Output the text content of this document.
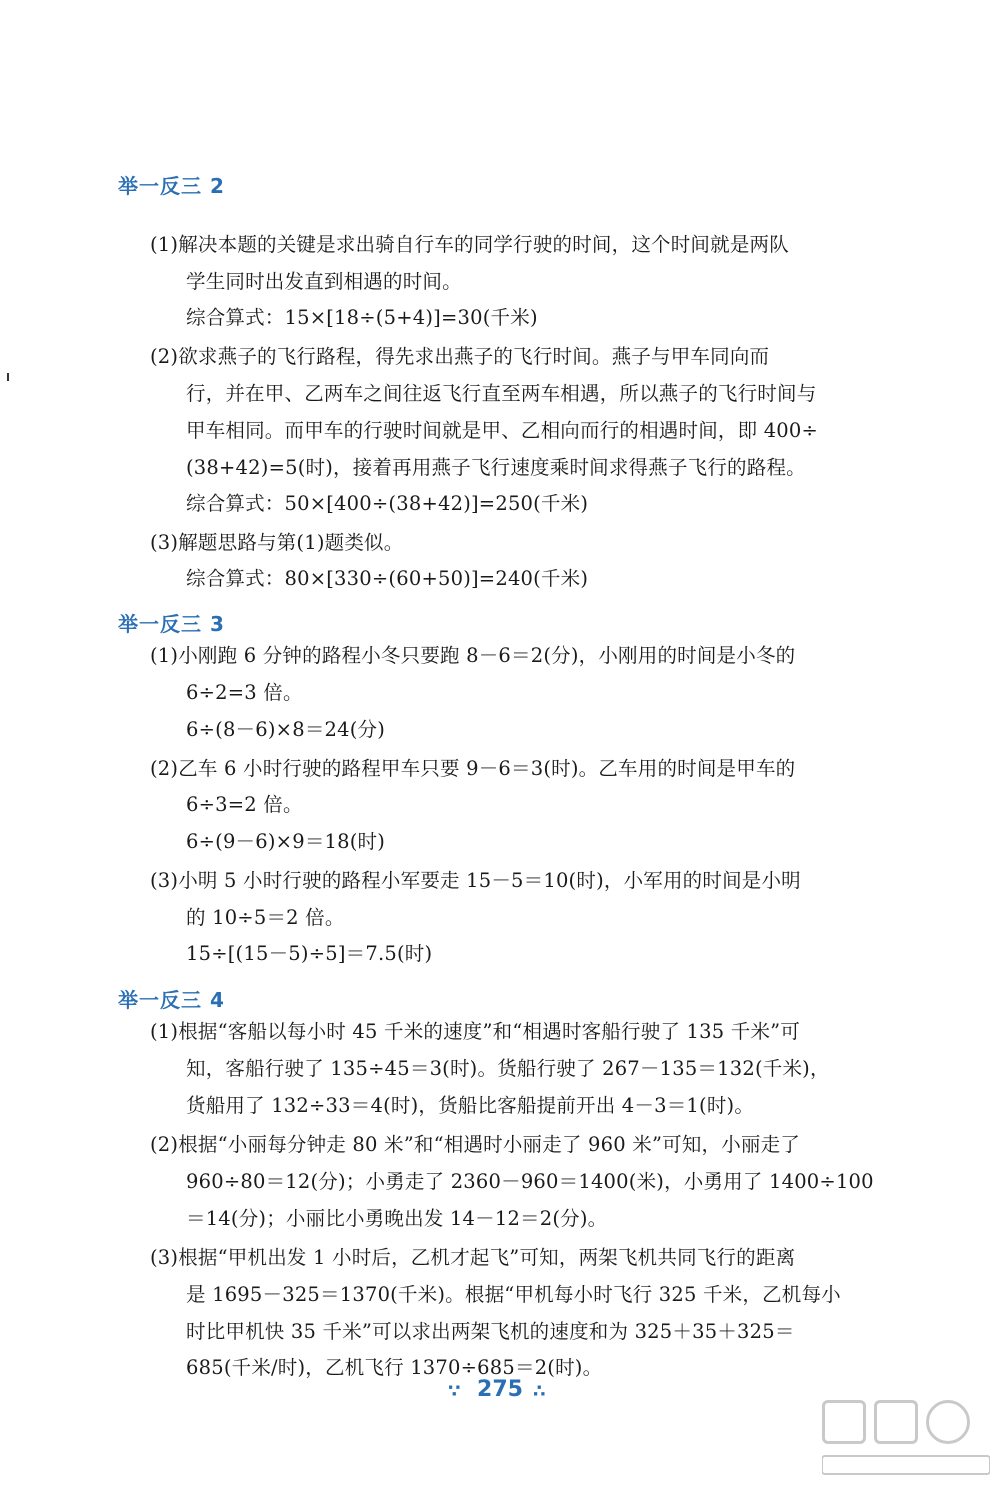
举一反三 2
(1)解决本题的关键是求出骑自行车的同学行驶的时间，这个时间就是两队
学生同时出发直到相遇的时间。
综合算式：15×[18÷(5+4)]=30(千米)
(2)欲求燕子的飞行路程，得先求出燕子的飞行时间。燕子与甲车同向而
行，并在甲、乙两车之间往返飞行直至两车相遇，所以燕子的飞行时间与
甲车相同。而甲车的行驶时间就是甲、乙相向而行的相遇时间，即 400÷
(38+42)=5(时)，接着再用燕子飞行速度乘时间求得燕子飞行的路程。
综合算式：50×[400÷(38+42)]=250(千米)
(3)解题思路与第(1)题类似。
综合算式：80×[330÷(60+50)]=240(千米)
举一反三 3
(1)小刚跑 6 分钟的路程小冬只要跑 8－6＝2(分)，小刚用的时间是小冬的
6÷2=3 倍。
6÷(8－6)×8＝24(分)
(2)乙车 6 小时行驶的路程甲车只要 9－6＝3(时)。乙车用的时间是甲车的
6÷3=2 倍。
6÷(9－6)×9＝18(时)
(3)小明 5 小时行驶的路程小军要走 15－5＝10(时)，小军用的时间是小明
的 10÷5＝2 倍。
15÷[(15－5)÷5]＝7.5(时)
举一反三 4
(1)根据“客船以每小时 45 千米的速度”和“相遇时客船行驶了 135 千米”可
知，客船行驶了 135÷45＝3(时)。货船行驶了 267－135＝132(千米)，
货船用了 132÷33＝4(时)，货船比客船提前开出 4－3＝1(时)。
(2)根据“小丽每分钟走 80 米”和“相遇时小丽走了 960 米”可知，小丽走了
960÷80＝12(分)；小勇走了 2360－960＝1400(米)，小勇用了 1400÷100
＝14(分)；小丽比小勇晚出发 14－12＝2(分)。
(3)根据“甲机出发 1 小时后，乙机才起飞”可知，两架飞机共同飞行的距离
是 1695－325＝1370(千米)。根据“甲机每小时飞行 325 千米，乙机每小
时比甲机快 35 千米”可以求出两架飞机的速度和为 325＋35＋325＝
685(千米/时)，乙机飞行 1370÷685＝2(时)。
∵ 275 ∴
